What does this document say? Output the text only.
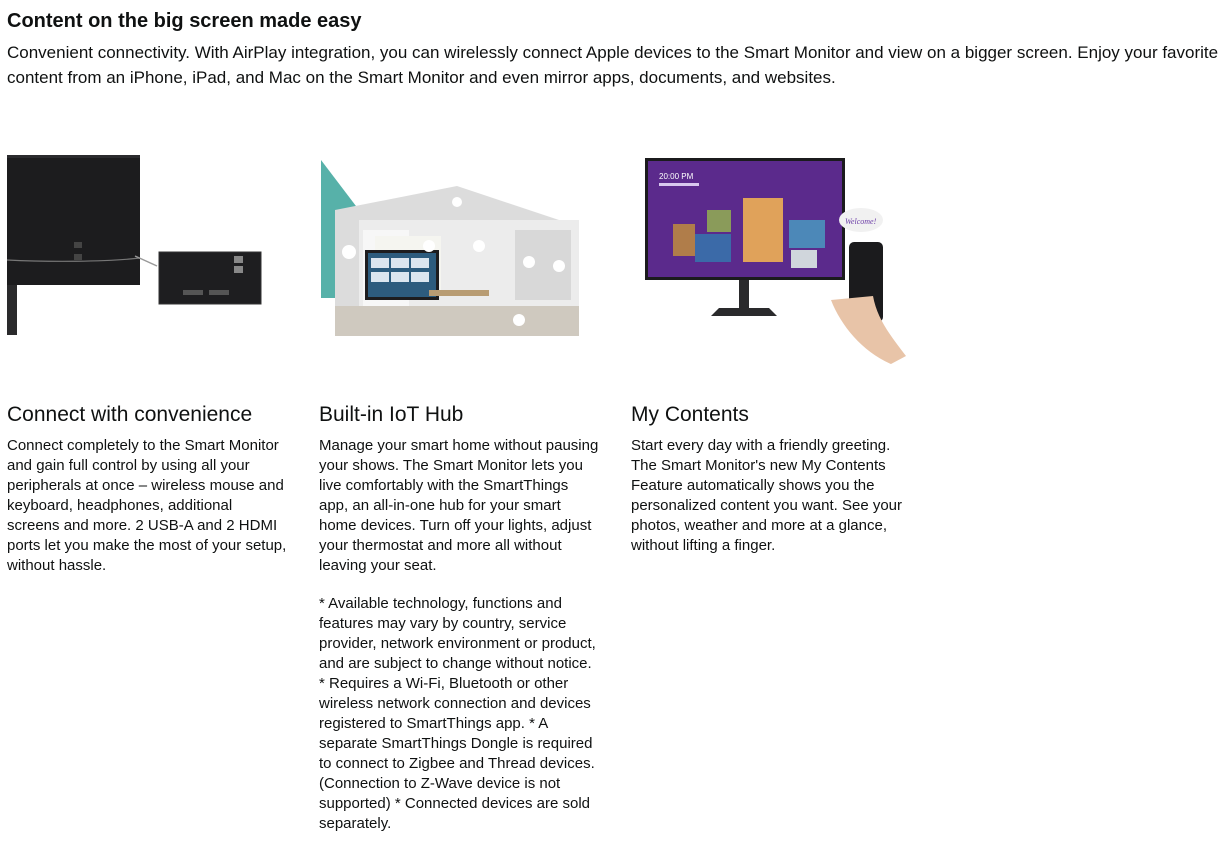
Content on the big screen made easy

Convenient connectivity. With AirPlay integration, you can wirelessly connect Apple devices to the Smart Monitor and view on a bigger screen. Enjoy your favorite content from an iPhone, iPad, and Mac on the Smart Monitor and even mirror apps, documents, and websites.

Connect with convenience

Connect completely to the Smart Monitor and gain full control by using all your peripherals at once – wireless mouse and keyboard, headphones, additional screens and more. 2 USB-A and 2 HDMI ports let you make the most of your setup, without hassle.

Built-in IoT Hub

Manage your smart home without pausing your shows. The Smart Monitor lets you live comfortably with the SmartThings app, an all-in-one hub for your smart home devices. Turn off your lights, adjust your thermostat and more all without leaving your seat.

* Available technology, functions and features may vary by country, service provider, network environment or product, and are subject to change without notice. * Requires a Wi-Fi, Bluetooth or other wireless network connection and devices registered to SmartThings app. * A separate SmartThings Dongle is required to connect to Zigbee and Thread devices. (Connection to Z-Wave device is not supported) * Connected devices are sold separately.

20:00 PM
Welcome!
My Contents

Start every day with a friendly greeting. The Smart Monitor's new My Contents Feature automatically shows you the personalized content you want. See your photos, weather and more at a glance, without lifting a finger.
